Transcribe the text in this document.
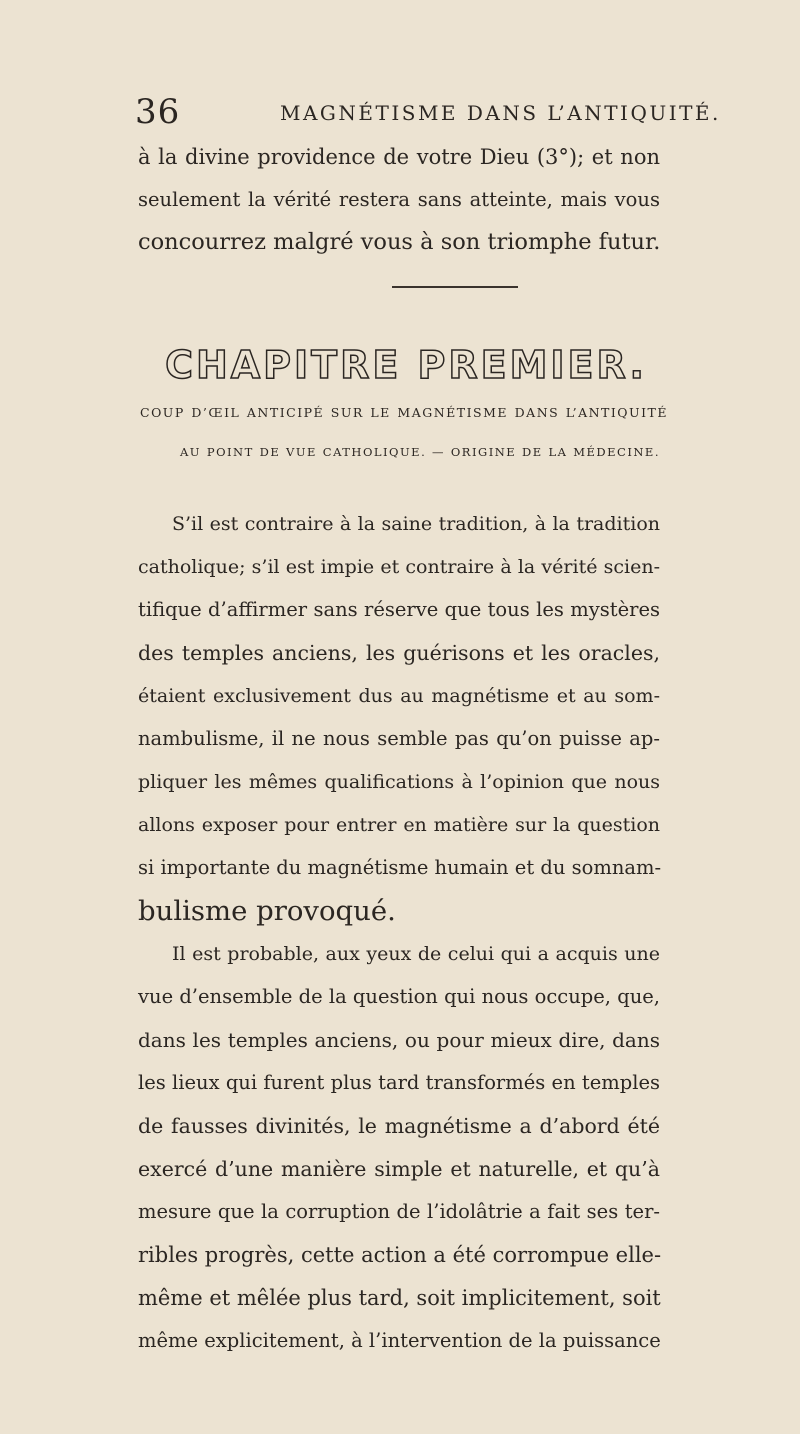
36	MAGNÉTISME DANS L’ANTIQUITÉ.
à la divine providence de votre Dieu (3°); et non
seulement la vérité restera sans atteinte, mais vous
concourrez malgré vous à son triomphe futur.
CHAPITRE PREMIER.
COUP D’ŒIL ANTICIPÉ SUR LE MAGNÉTISME DANS L’ANTIQUITÉ
AU POINT DE VUE CATHOLIQUE. — ORIGINE DE LA MÉDECINE.
S’il est contraire à la saine tradition, à la tradition
catholique; s’il est impie et contraire à la vérité scien-
tifique d’affirmer sans réserve que tous les mystères
des temples anciens, les guérisons et les oracles,
étaient exclusivement dus au magnétisme et au som-
nambulisme, il ne nous semble pas qu’on puisse ap-
pliquer les mêmes qualifications à l’opinion que nous
allons exposer pour entrer en matière sur la question
si importante du magnétisme humain et du somnam-
bulisme provoqué.
Il est probable, aux yeux de celui qui a acquis une
vue d’ensemble de la question qui nous occupe, que,
dans les temples anciens, ou pour mieux dire, dans
les lieux qui furent plus tard transformés en temples
de fausses divinités, le magnétisme a d’abord été
exercé d’une manière simple et naturelle, et qu’à
mesure que la corruption de l’idolâtrie a fait ses ter-
ribles progrès, cette action a été corrompue elle-
même et mêlée plus tard, soit implicitement, soit
même explicitement, à l’intervention de la puissance
